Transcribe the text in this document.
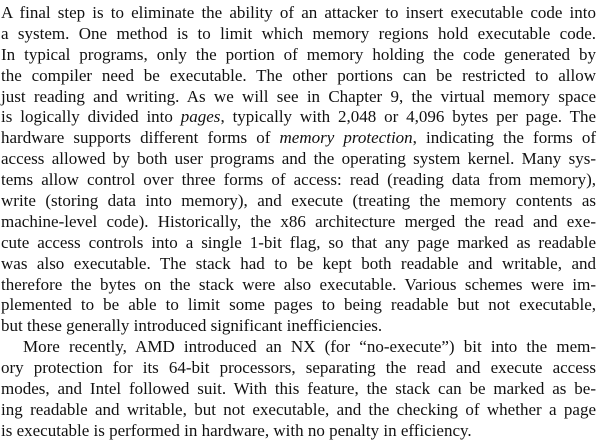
A final step is to eliminate the ability of an attacker to insert executable code into
a system. One method is to limit which memory regions hold executable code.
In typical programs, only the portion of memory holding the code generated by
the compiler need be executable. The other portions can be restricted to allow
just reading and writing. As we will see in Chapter 9, the virtual memory space
is logically divided into pages, typically with 2,048 or 4,096 bytes per page. The
hardware supports different forms of memory protection, indicating the forms of
access allowed by both user programs and the operating system kernel. Many sys-
tems allow control over three forms of access: read (reading data from memory),
write (storing data into memory), and execute (treating the memory contents as
machine-level code). Historically, the x86 architecture merged the read and exe-
cute access controls into a single 1-bit flag, so that any page marked as readable
was also executable. The stack had to be kept both readable and writable, and
therefore the bytes on the stack were also executable. Various schemes were im-
plemented to be able to limit some pages to being readable but not executable,
but these generally introduced significant inefficiencies.
More recently, AMD introduced an NX (for “no-execute”) bit into the mem-
ory protection for its 64-bit processors, separating the read and execute access
modes, and Intel followed suit. With this feature, the stack can be marked as be-
ing readable and writable, but not executable, and the checking of whether a page
is executable is performed in hardware, with no penalty in efficiency.
